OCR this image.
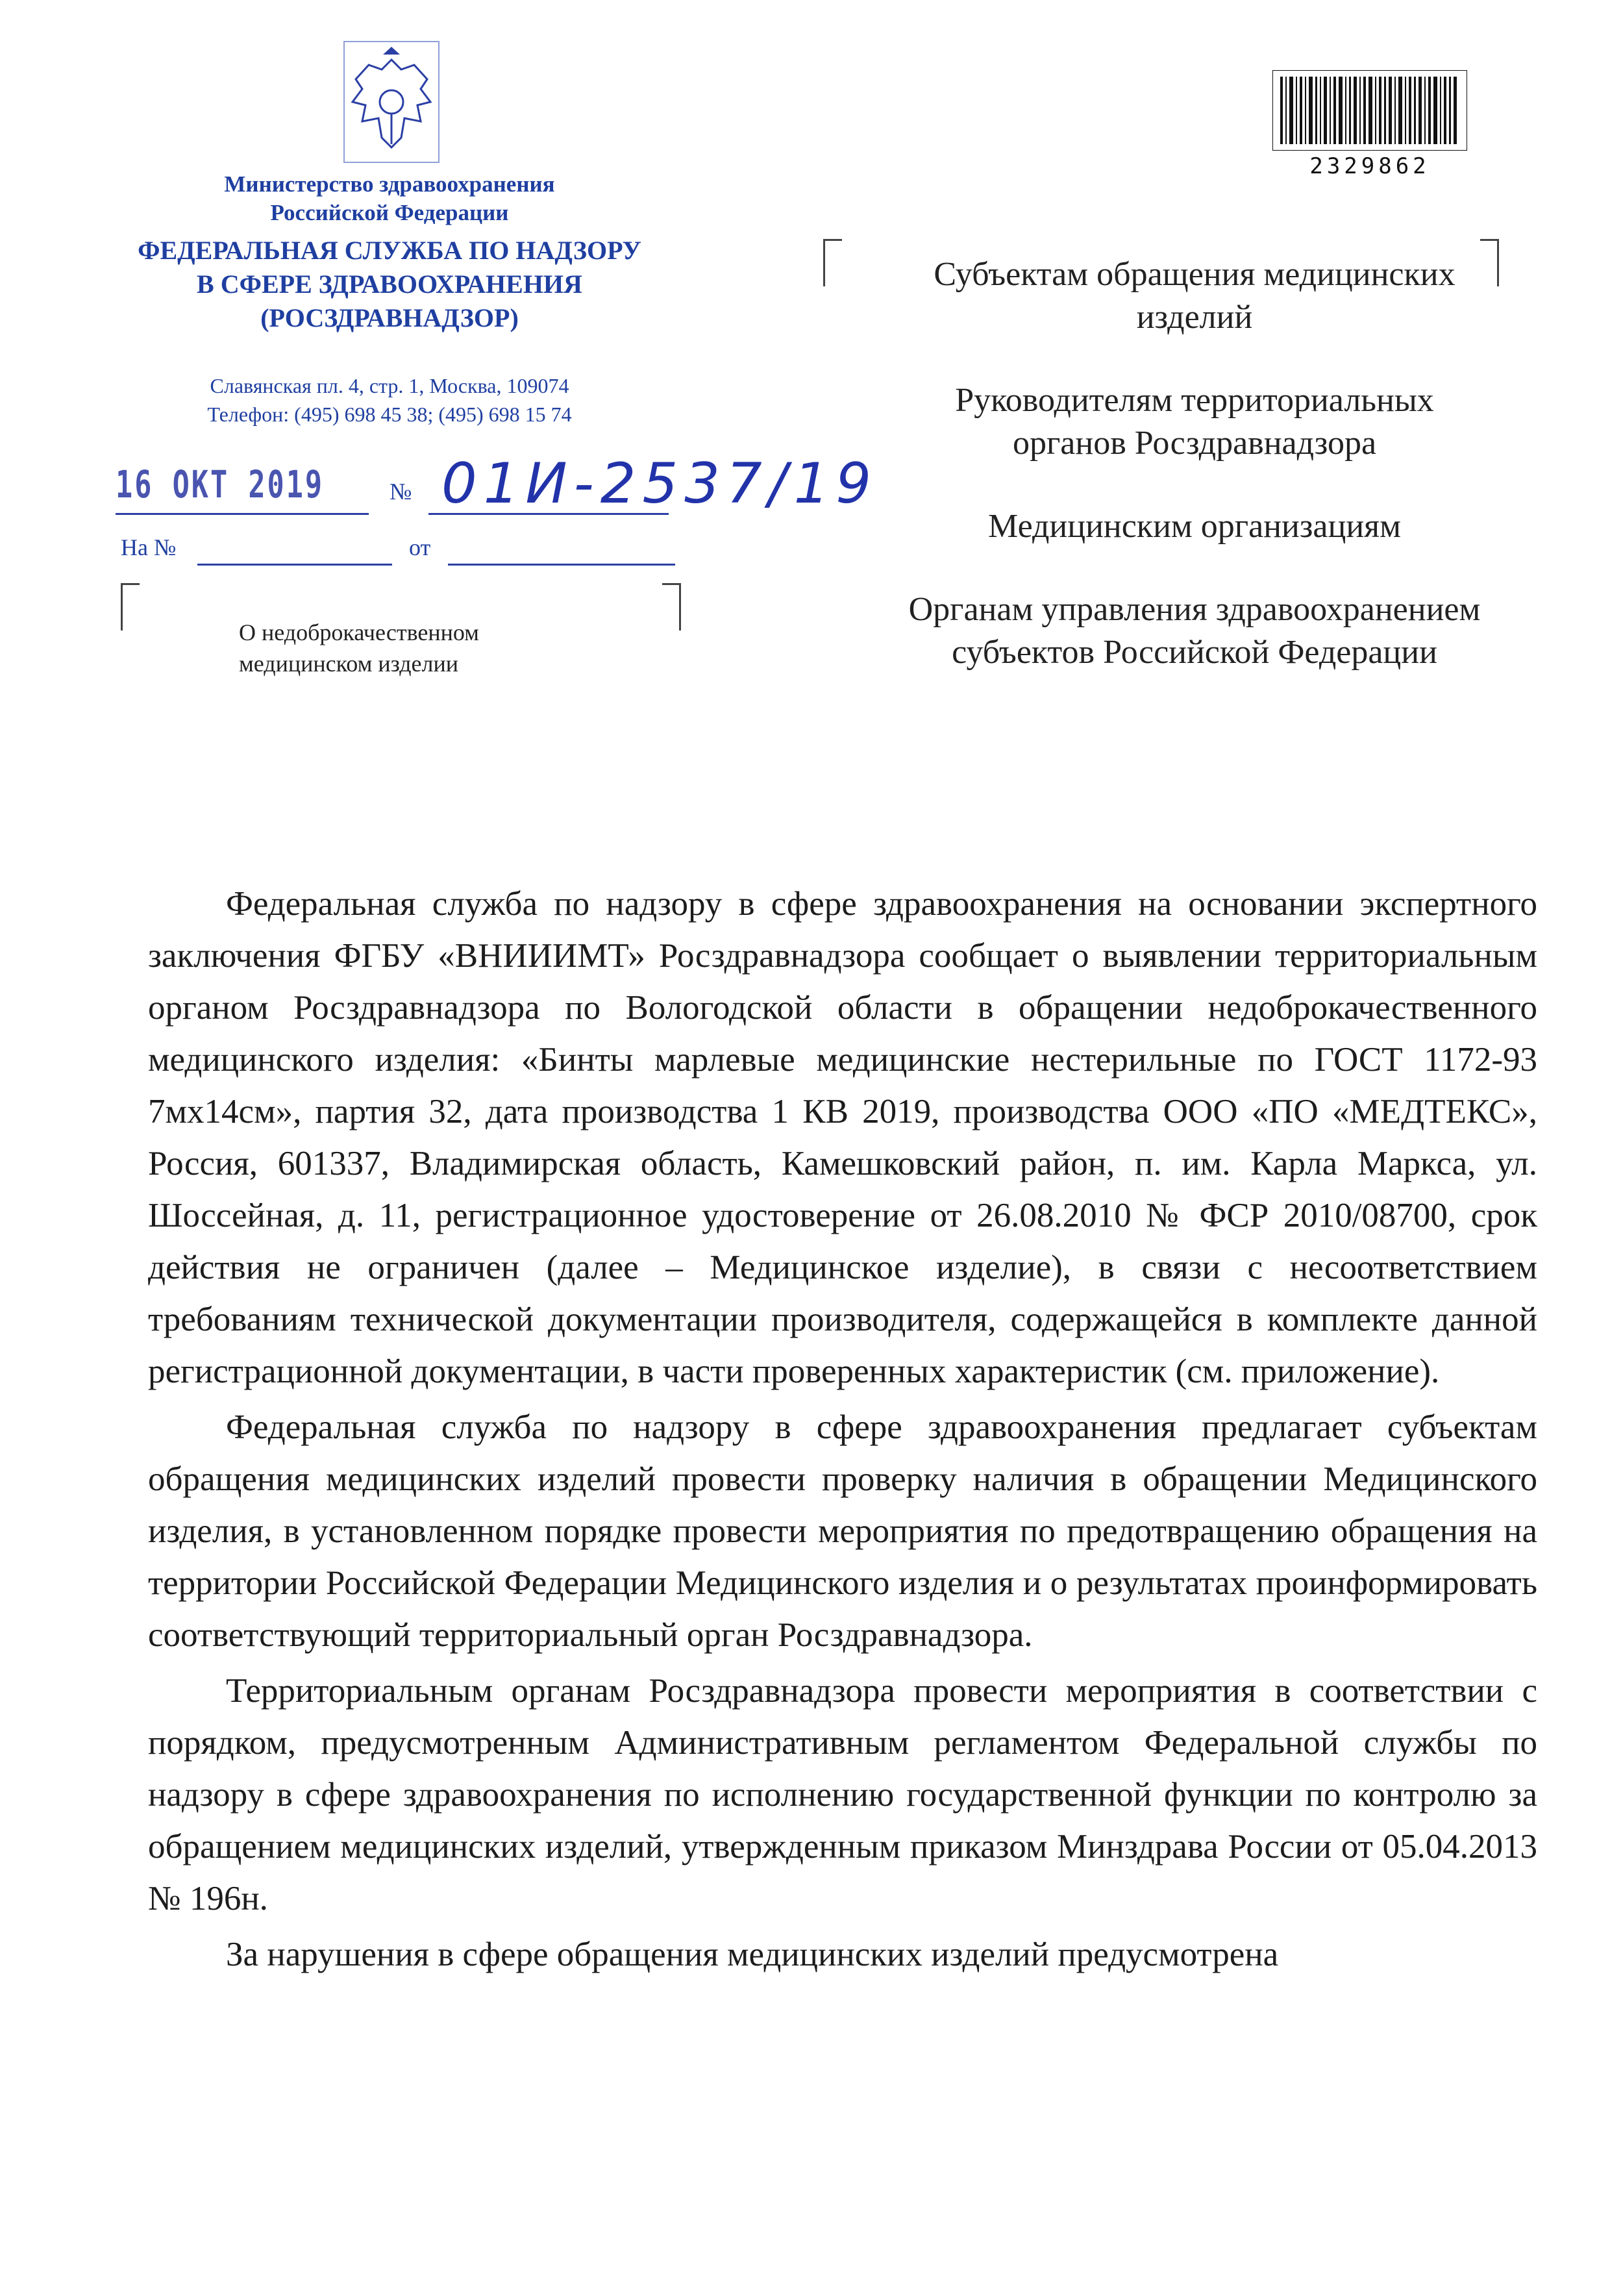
Министерство здравоохранения
Российской Федерации
ФЕДЕРАЛЬНАЯ СЛУЖБА ПО НАДЗОРУ
В СФЕРЕ ЗДРАВООХРАНЕНИЯ
(РОСЗДРАВНАДЗОР)
Славянская пл. 4, стр. 1, Москва, 109074
Телефон: (495) 698 45 38; (495) 698 15 74
16 ОКТ 2019	№ 01И-2537/19
На №	от
О недоброкачественном
медицинском изделии
2329862

Субъектам обращения медицинских изделий

Руководителям территориальных органов Росздравнадзора

Медицинским организациям

Органам управления здравоохранением субъектов Российской Федерации

Федеральная служба по надзору в сфере здравоохранения на основании экспертного заключения ФГБУ «ВНИИИМТ» Росздравнадзора сообщает о выявлении территориальным органом Росздравнадзора по Вологодской области в обращении недоброкачественного медицинского изделия: «Бинты марлевые медицинские нестерильные по ГОСТ 1172-93 7мх14см», партия 32, дата производства 1 КВ 2019, производства ООО «ПО «МЕДТЕКС», Россия, 601337, Владимирская область, Камешковский район, п. им. Карла Маркса, ул. Шоссейная, д. 11, регистрационное удостоверение от 26.08.2010 № ФСР 2010/08700, срок действия не ограничен (далее – Медицинское изделие), в связи с несоответствием требованиям технической документации производителя, содержащейся в комплекте данной регистрационной документации, в части проверенных характеристик (см. приложение).

Федеральная служба по надзору в сфере здравоохранения предлагает субъектам обращения медицинских изделий провести проверку наличия в обращении Медицинского изделия, в установленном порядке провести мероприятия по предотвращению обращения на территории Российской Федерации Медицинского изделия и о результатах проинформировать соответствующий территориальный орган Росздравнадзора.

Территориальным органам Росздравнадзора провести мероприятия в соответствии с порядком, предусмотренным Административным регламентом Федеральной службы по надзору в сфере здравоохранения по исполнению государственной функции по контролю за обращением медицинских изделий, утвержденным приказом Минздрава России от 05.04.2013 № 196н.

За нарушения в сфере обращения медицинских изделий предусмотрена
